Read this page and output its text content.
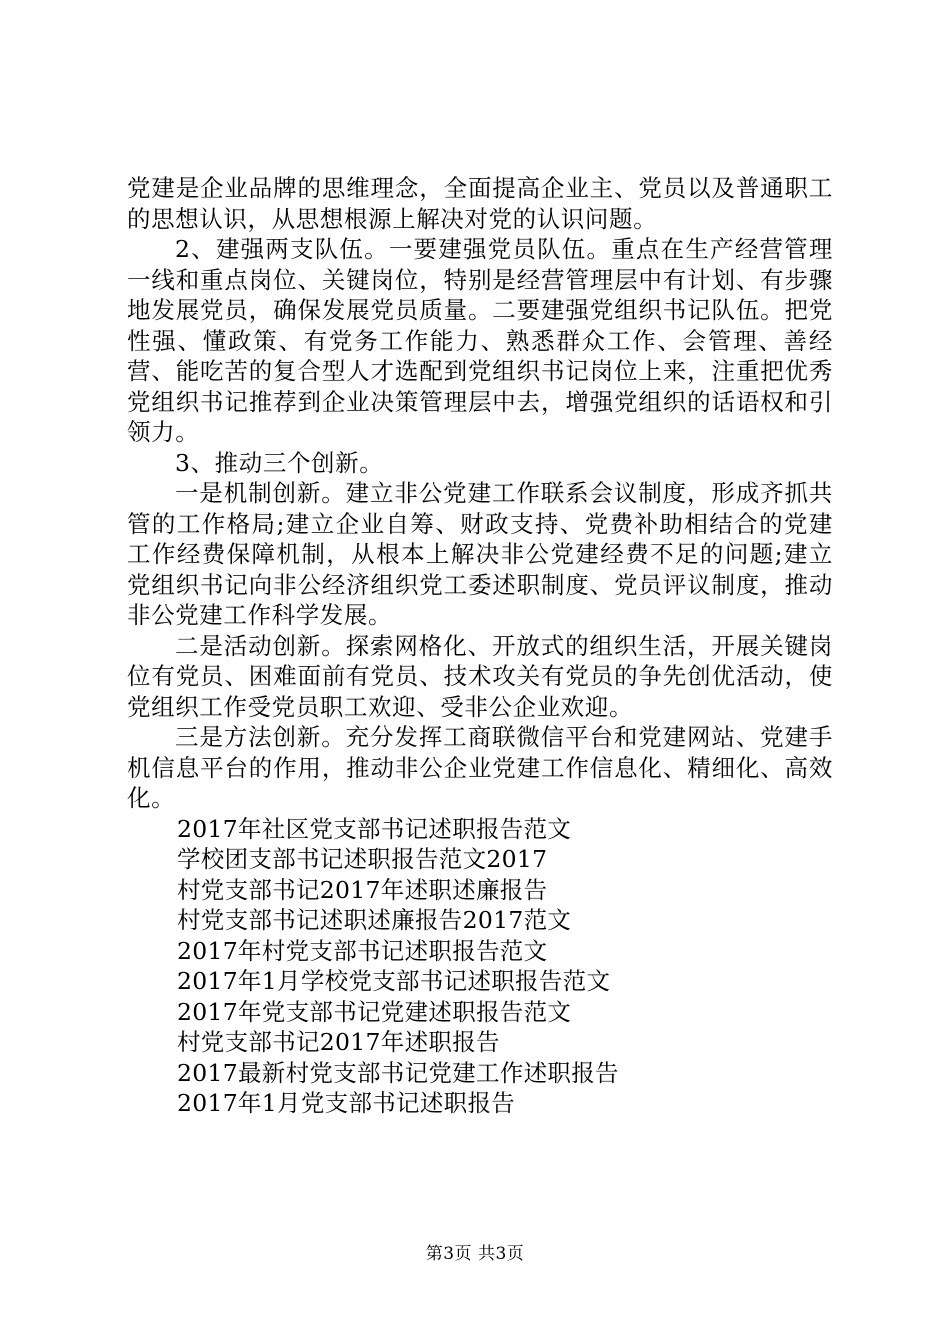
党建是企业品牌的思维理念，全面提高企业主、党员以及普通职工的思想认识，从思想根源上解决对党的认识问题。

2、建强两支队伍。一要建强党员队伍。重点在生产经营管理一线和重点岗位、关键岗位，特别是经营管理层中有计划、有步骤地发展党员，确保发展党员质量。二要建强党组织书记队伍。把党性强、懂政策、有党务工作能力、熟悉群众工作、会管理、善经营、能吃苦的复合型人才选配到党组织书记岗位上来，注重把优秀党组织书记推荐到企业决策管理层中去，增强党组织的话语权和引领力。

3、推动三个创新。

一是机制创新。建立非公党建工作联系会议制度，形成齐抓共管的工作格局;建立企业自筹、财政支持、党费补助相结合的党建工作经费保障机制，从根本上解决非公党建经费不足的问题;建立党组织书记向非公经济组织党工委述职制度、党员评议制度，推动非公党建工作科学发展。

二是活动创新。探索网格化、开放式的组织生活，开展关键岗位有党员、困难面前有党员、技术攻关有党员的争先创优活动，使党组织工作受党员职工欢迎、受非公企业欢迎。

三是方法创新。充分发挥工商联微信平台和党建网站、党建手机信息平台的作用，推动非公企业党建工作信息化、精细化、高效化。

2017年社区党支部书记述职报告范文
学校团支部书记述职报告范文2017
村党支部书记2017年述职述廉报告
村党支部书记述职述廉报告2017范文
2017年村党支部书记述职报告范文
2017年1月学校党支部书记述职报告范文
2017年党支部书记党建述职报告范文
村党支部书记2017年述职报告
2017最新村党支部书记党建工作述职报告
2017年1月党支部书记述职报告
第3页 共3页
